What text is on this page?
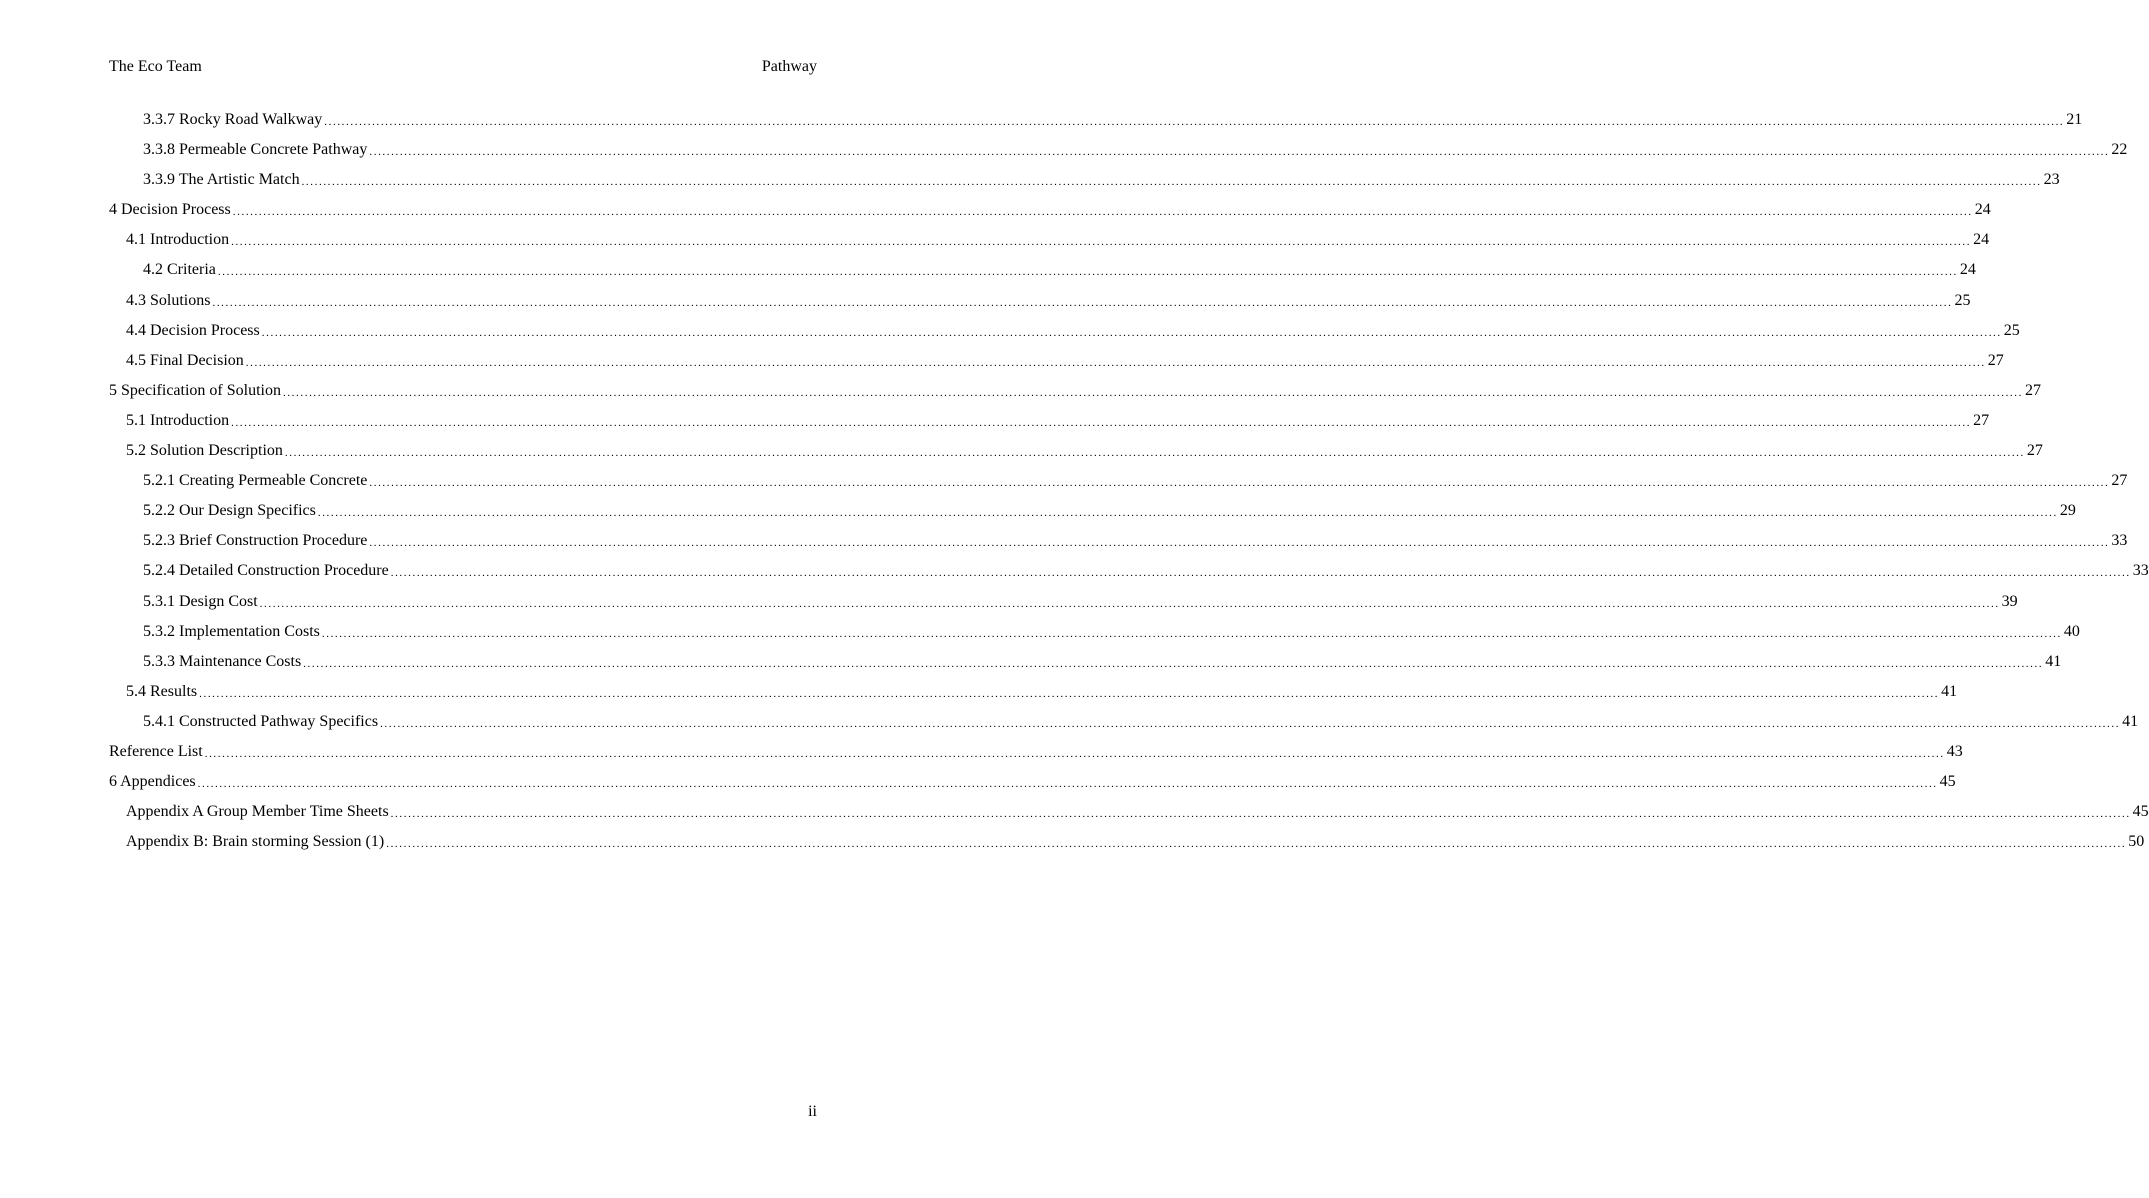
The Eco Team	Pathway
3.3.7 Rocky Road Walkway ................................................................................................................................................................................................................................................................................................................................................................................................................ 21
3.3.8 Permeable Concrete Pathway ................................................................................................................................................................................................................................................................................................................................................................................................................ 22
3.3.9 The Artistic Match ................................................................................................................................................................................................................................................................................................................................................................................................................ 23
4 Decision Process ................................................................................................................................................................................................................................................................................................................................................................................................................ 24
4.1 Introduction ................................................................................................................................................................................................................................................................................................................................................................................................................ 24
4.2 Criteria ................................................................................................................................................................................................................................................................................................................................................................................................................ 24
4.3 Solutions ................................................................................................................................................................................................................................................................................................................................................................................................................ 25
4.4 Decision Process ................................................................................................................................................................................................................................................................................................................................................................................................................ 25
4.5 Final Decision ................................................................................................................................................................................................................................................................................................................................................................................................................ 27
5 Specification of Solution ................................................................................................................................................................................................................................................................................................................................................................................................................ 27
5.1 Introduction ................................................................................................................................................................................................................................................................................................................................................................................................................ 27
5.2 Solution Description ................................................................................................................................................................................................................................................................................................................................................................................................................ 27
5.2.1 Creating Permeable Concrete ................................................................................................................................................................................................................................................................................................................................................................................................................ 27
5.2.2 Our Design Specifics ................................................................................................................................................................................................................................................................................................................................................................................................................ 29
5.2.3 Brief Construction Procedure ................................................................................................................................................................................................................................................................................................................................................................................................................ 33
5.2.4 Detailed Construction Procedure ................................................................................................................................................................................................................................................................................................................................................................................................................ 33
5.3.1 Design Cost ................................................................................................................................................................................................................................................................................................................................................................................................................ 39
5.3.2 Implementation Costs ................................................................................................................................................................................................................................................................................................................................................................................................................ 40
5.3.3 Maintenance Costs ................................................................................................................................................................................................................................................................................................................................................................................................................ 41
5.4 Results ................................................................................................................................................................................................................................................................................................................................................................................................................ 41
5.4.1 Constructed Pathway Specifics ................................................................................................................................................................................................................................................................................................................................................................................................................ 41
Reference List ................................................................................................................................................................................................................................................................................................................................................................................................................ 43
6 Appendices ................................................................................................................................................................................................................................................................................................................................................................................................................ 45
Appendix A Group Member Time Sheets ................................................................................................................................................................................................................................................................................................................................................................................................................ 45
Appendix B: Brain storming Session (1) ................................................................................................................................................................................................................................................................................................................................................................................................................ 50
ii
